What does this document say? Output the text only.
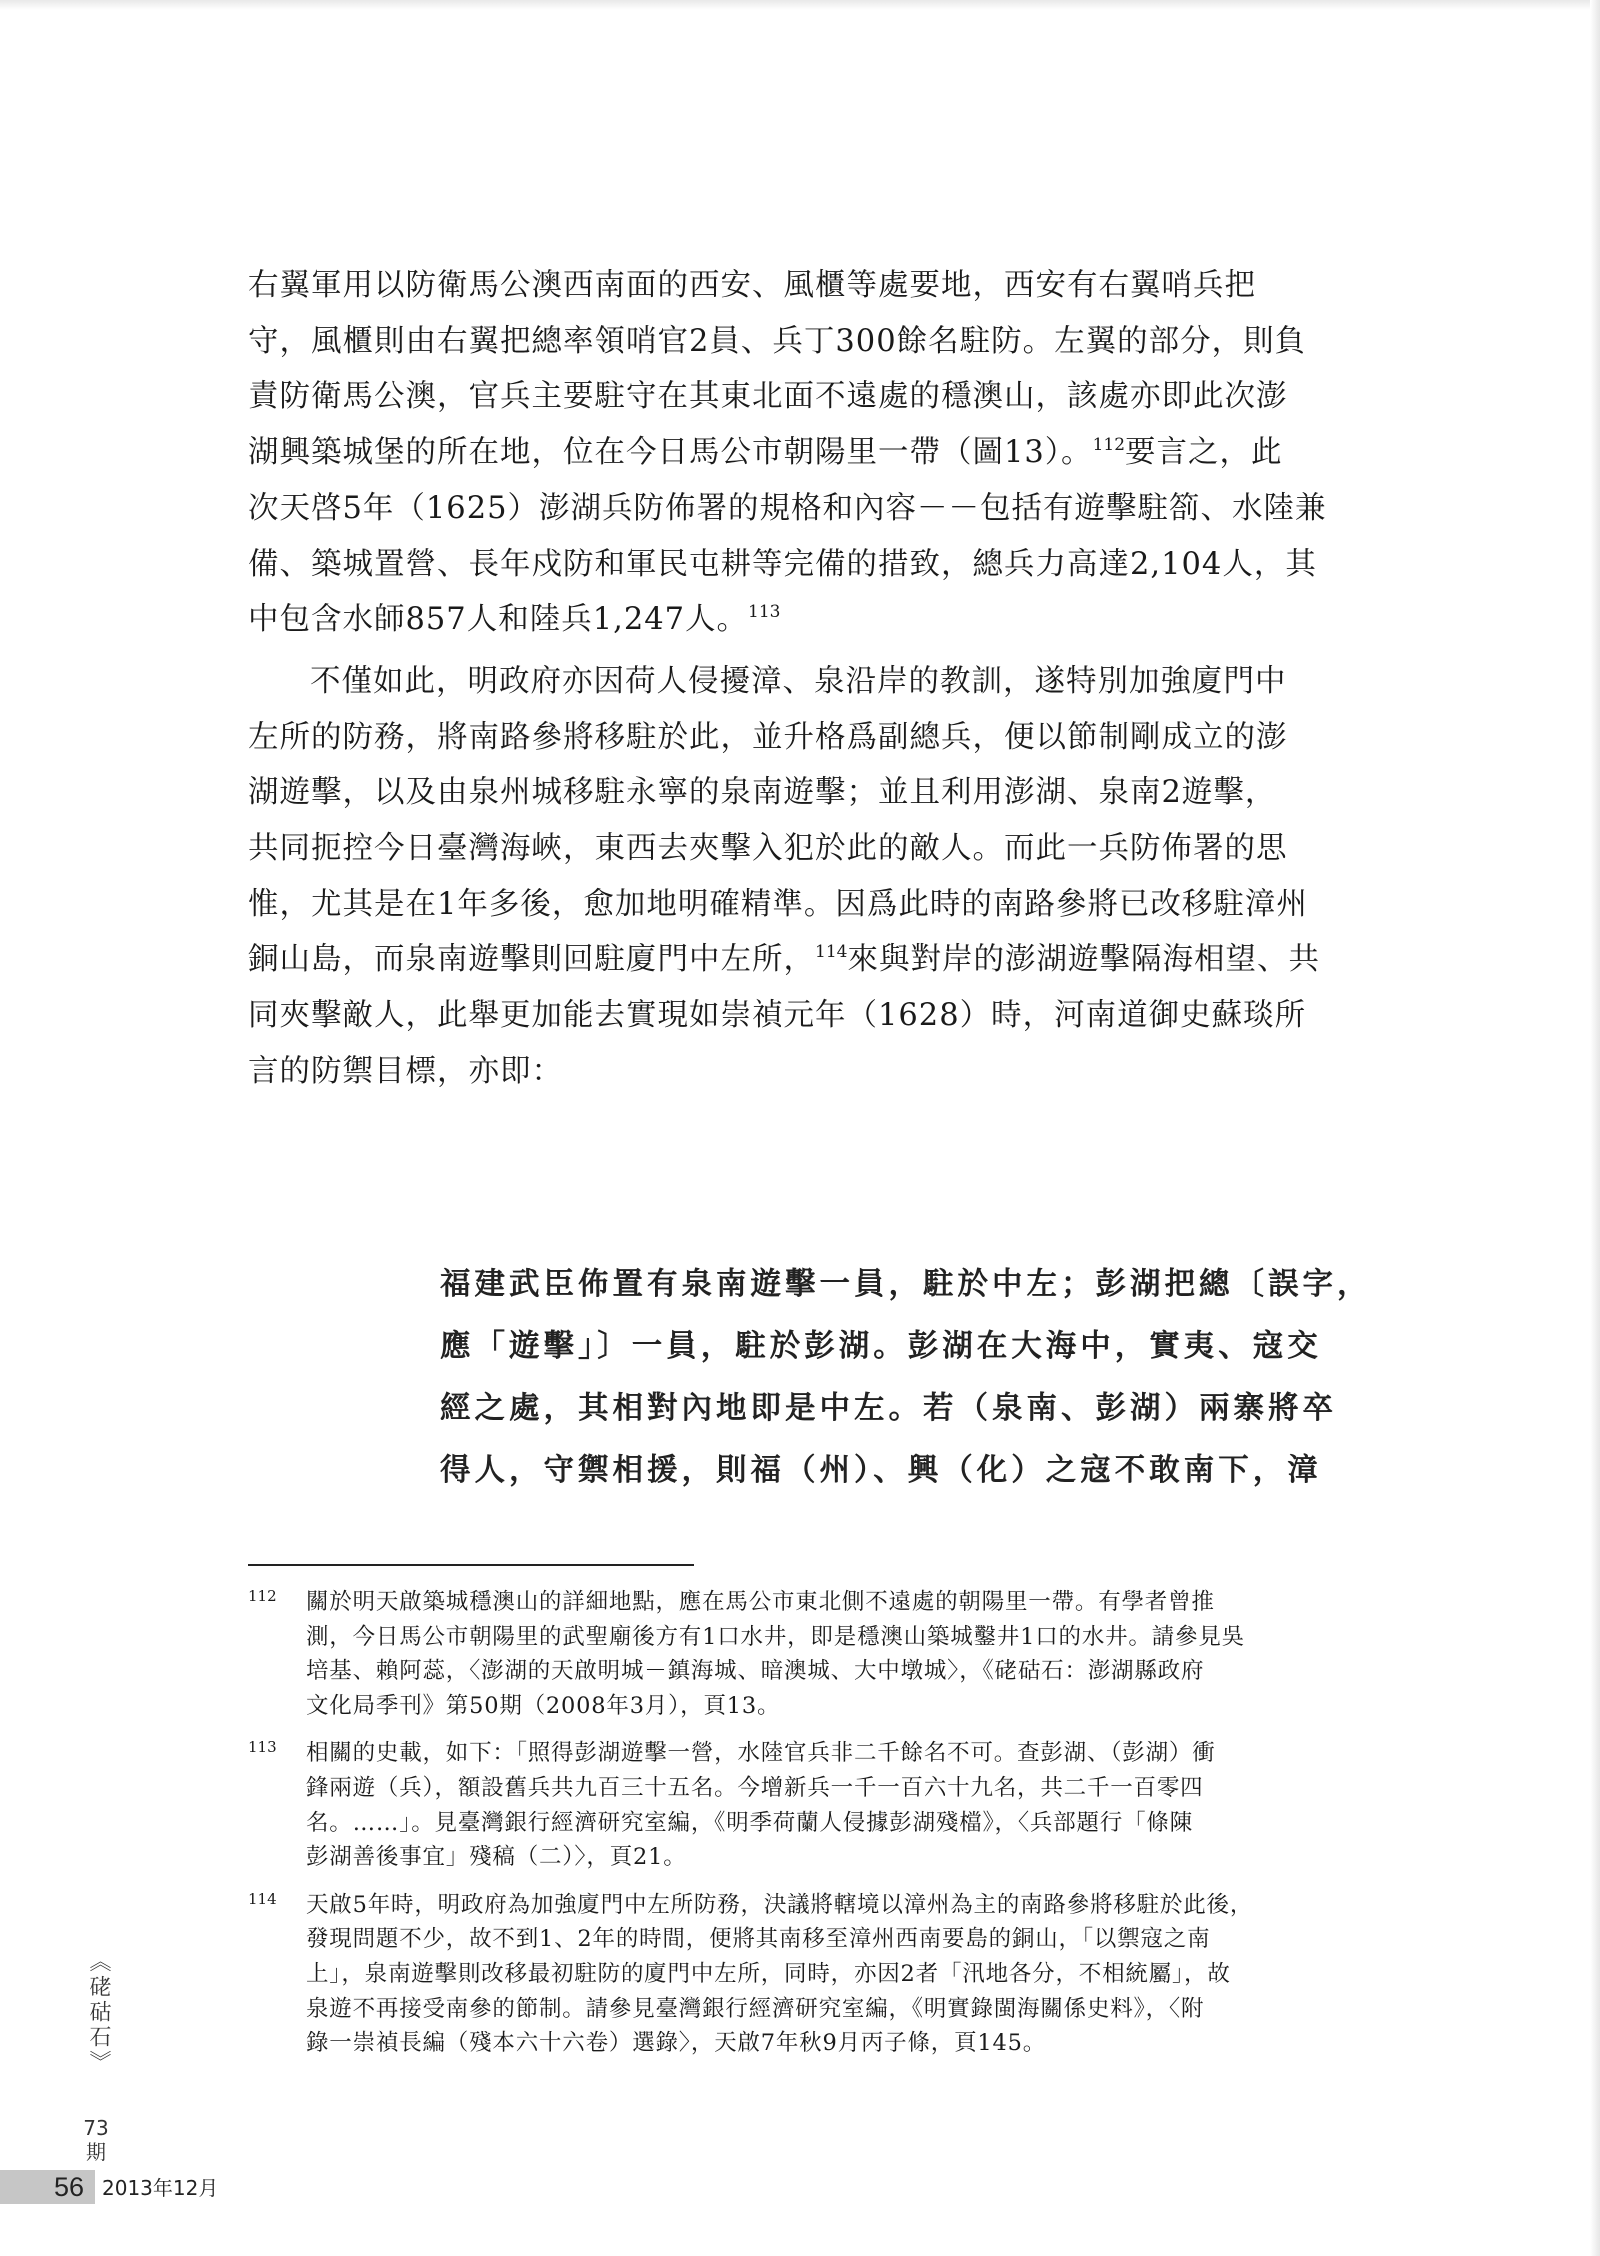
右翼軍用以防衛馬公澳西南面的西安、風櫃等處要地，西安有右翼哨兵把
守，風櫃則由右翼把總率領哨官2員、兵丁300餘名駐防。左翼的部分，則負
責防衛馬公澳，官兵主要駐守在其東北面不遠處的穩澳山，該處亦即此次澎
湖興築城堡的所在地，位在今日馬公市朝陽里一帶（圖13）。$^{112}$要言之，此
次天啓5年（1625）澎湖兵防佈署的規格和內容－－包括有遊擊駐箚、水陸兼
備、築城置營、長年戍防和軍民屯耕等完備的措致，總兵力高達2,104人，其
中包含水師857人和陸兵1,247人。$^{113}$

不僅如此，明政府亦因荷人侵擾漳、泉沿岸的教訓，遂特別加強廈門中
左所的防務，將南路參將移駐於此，並升格爲副總兵，便以節制剛成立的澎
湖遊擊，以及由泉州城移駐永寧的泉南遊擊；並且利用澎湖、泉南2遊擊，
共同扼控今日臺灣海峽，東西去夾擊入犯於此的敵人。而此一兵防佈署的思
惟，尤其是在1年多後，愈加地明確精準。因爲此時的南路參將已改移駐漳州
銅山島，而泉南遊擊則回駐廈門中左所，$^{114}$來與對岸的澎湖遊擊隔海相望、共
同夾擊敵人，此舉更加能去實現如崇禎元年（1628）時，河南道御史蘇琰所
言的防禦目標，亦即：

福建武臣佈置有泉南遊擊一員，駐於中左；彭湖把總〔誤字，
應「遊擊」〕一員，駐於彭湖。彭湖在大海中，實夷、寇交
經之處，其相對內地即是中左。若（泉南、彭湖）兩寨將卒
得人，守禦相援，則福（州）、興（化）之寇不敢南下，漳
112 關於明天啟築城穩澳山的詳細地點，應在馬公市東北側不遠處的朝陽里一帶。有學者曾推
測，今日馬公市朝陽里的武聖廟後方有1口水井，即是穩澳山築城鑿井1口的水井。請參見吳
培基、賴阿蕊，〈澎湖的天啟明城－鎮海城、暗澳城、大中墩城〉，《硓𥑮石：澎湖縣政府
文化局季刊》第50期（2008年3月），頁13。
113 相關的史載，如下：「照得彭湖遊擊一營，水陸官兵非二千餘名不可。查彭湖、（彭湖）衝
鋒兩遊（兵），額設舊兵共九百三十五名。今增新兵一千一百六十九名，共二千一百零四
名。……」。見臺灣銀行經濟研究室編，《明季荷蘭人侵據彭湖殘檔》，〈兵部題行「條陳
彭湖善後事宜」殘稿（二）〉，頁21。
114 天啟5年時，明政府為加強廈門中左所防務，決議將轄境以漳州為主的南路參將移駐於此後，
發現問題不少，故不到1、2年的時間，便將其南移至漳州西南要島的銅山，「以禦寇之南
上」，泉南遊擊則改移最初駐防的廈門中左所，同時，亦因2者「汛地各分，不相統屬」，故
泉遊不再接受南參的節制。請參見臺灣銀行經濟研究室編，《明實錄閩海關係史料》，〈附
錄一崇禎長編（殘本六十六卷）選錄〉，天啟7年秋9月丙子條，頁145。
《硓𥑮石》
73
期
56 2013年12月
